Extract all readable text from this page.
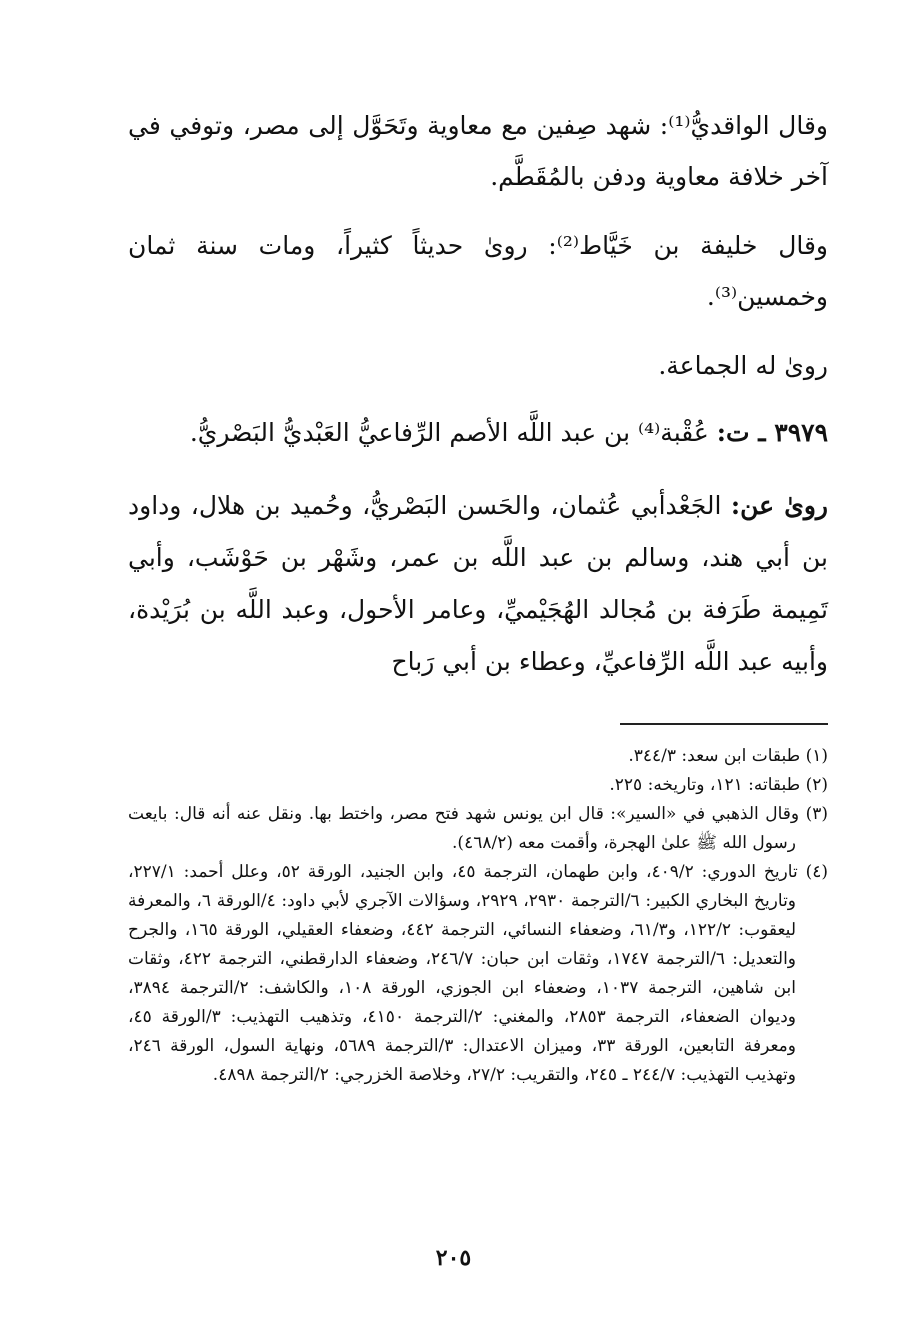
وقال الواقديُّ⁽¹⁾: شهد صِفين مع معاوية وتَحَوَّل إلى مصر، وتوفي في آخر خلافة معاوية ودفن بالمُقَطَّم.

وقال خليفة بن خَيَّاط⁽²⁾: روىٰ حديثاً كثيراً، ومات سنة ثمان وخمسين⁽³⁾.

روىٰ له الجماعة.

٣٩٧٩ ـ ت: عُقْبة⁽⁴⁾ بن عبد اللَّه الأصم الرِّفاعيُّ العَبْديُّ البَصْريُّ.

روىٰ عن: الجَعْدأبي عُثمان، والحَسن البَصْريُّ، وحُميد بن هلال، وداود بن أبي هند، وسالم بن عبد اللَّه بن عمر، وشَهْر بن حَوْشَب، وأبي تَمِيمة طَرَفة بن مُجالد الهُجَيْميِّ، وعامر الأحول، وعبد اللَّه بن بُرَيْدة، وأبيه عبد اللَّه الرِّفاعيِّ، وعطاء بن أبي رَباح

(١) طبقات ابن سعد: ٣٤٤/٣.

(٢) طبقاته: ١٢١، وتاريخه: ٢٢٥.

(٣) وقال الذهبي في «السير»: قال ابن يونس شهد فتح مصر، واختط بها. ونقل عنه أنه قال: بايعت رسول الله ﷺ علىٰ الهجرة، وأقمت معه (٤٦٨/٢).

(٤) تاريخ الدوري: ٤٠٩/٢، وابن طهمان، الترجمة ٤٥، وابن الجنيد، الورقة ٥٢، وعلل أحمد: ٢٢٧/١، وتاريخ البخاري الكبير: ٦/الترجمة ٢٩٣٠، ٢٩٢٩، وسؤالات الآجري لأبي داود: ٤/الورقة ٦، والمعرفة ليعقوب: ١٢٢/٢، و٦١/٣، وضعفاء النسائي، الترجمة ٤٤٢، وضعفاء العقيلي، الورقة ١٦٥، والجرح والتعديل: ٦/الترجمة ١٧٤٧، وثقات ابن حبان: ٢٤٦/٧، وضعفاء الدارقطني، الترجمة ٤٢٢، وثقات ابن شاهين، الترجمة ١٠٣٧، وضعفاء ابن الجوزي، الورقة ١٠٨، والكاشف: ٢/الترجمة ٣٨٩٤، وديوان الضعفاء، الترجمة ٢٨٥٣، والمغني: ٢/الترجمة ٤١٥٠، وتذهيب التهذيب: ٣/الورقة ٤٥، ومعرفة التابعين، الورقة ٣٣، وميزان الاعتدال: ٣/الترجمة ٥٦٨٩، ونهاية السول، الورقة ٢٤٦، وتهذيب التهذيب: ٢٤٤/٧ ـ ٢٤٥، والتقريب: ٢٧/٢، وخلاصة الخزرجي: ٢/الترجمة ٤٨٩٨.

٢٠٥
